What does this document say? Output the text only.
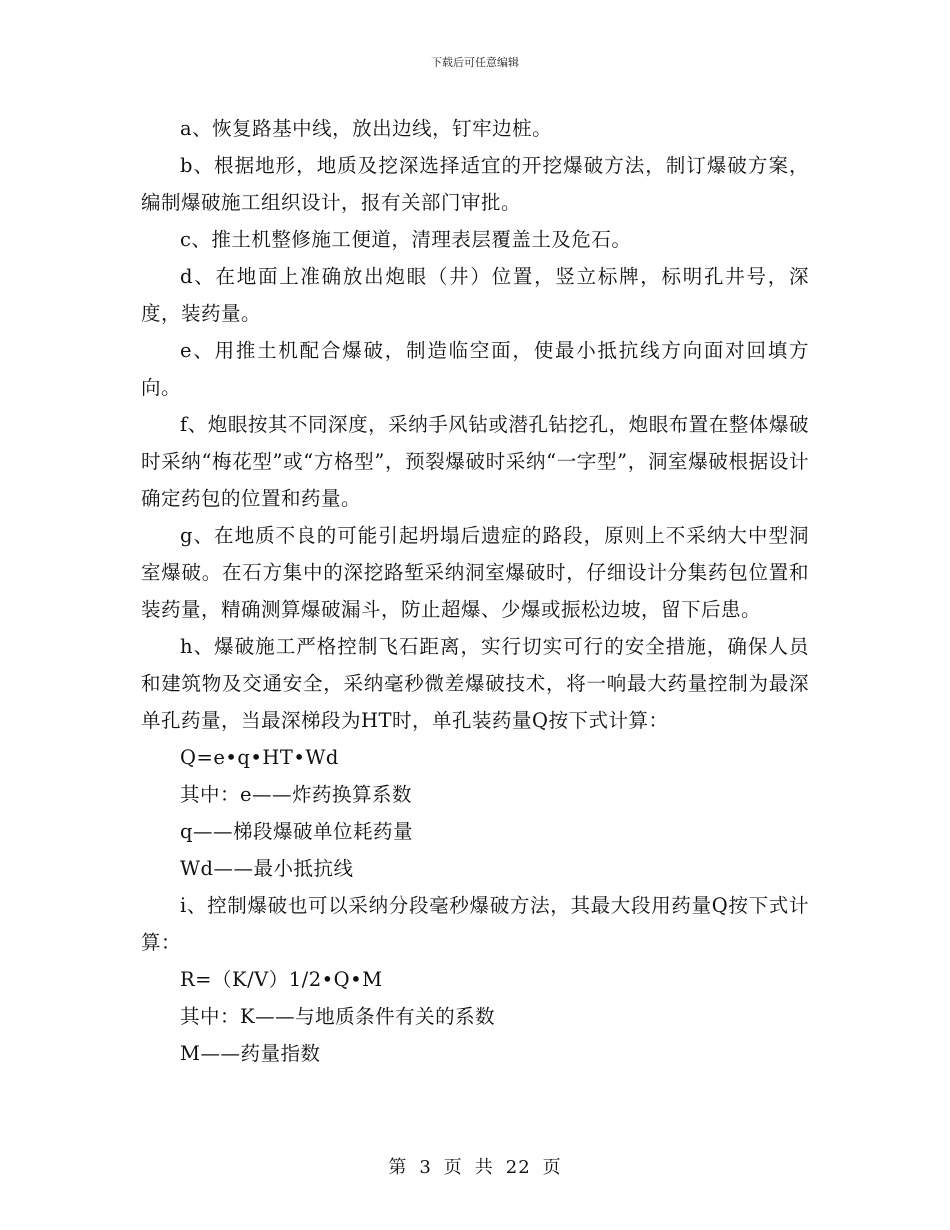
下载后可任意编辑

a、恢复路基中线，放出边线，钉牢边桩。

b、根据地形，地质及挖深选择适宜的开挖爆破方法，制订爆破方案，编制爆破施工组织设计，报有关部门审批。

c、推土机整修施工便道，清理表层覆盖土及危石。

d、在地面上准确放出炮眼（井）位置，竖立标牌，标明孔井号，深度，装药量。

e、用推土机配合爆破，制造临空面，使最小抵抗线方向面对回填方向。

f、炮眼按其不同深度，采纳手风钻或潜孔钻挖孔，炮眼布置在整体爆破时采纳“梅花型”或“方格型”，预裂爆破时采纳“一字型”，洞室爆破根据设计确定药包的位置和药量。

g、在地质不良的可能引起坍塌后遗症的路段，原则上不采纳大中型洞室爆破。在石方集中的深挖路堑采纳洞室爆破时，仔细设计分集药包位置和装药量，精确测算爆破漏斗，防止超爆、少爆或振松边坡，留下后患。

h、爆破施工严格控制飞石距离，实行切实可行的安全措施，确保人员和建筑物及交通安全，采纳毫秒微差爆破技术，将一响最大药量控制为最深单孔药量，当最深梯段为HT时，单孔装药量Q按下式计算：

Q=e•q•HT•Wd

其中：e——炸药换算系数

q——梯段爆破单位耗药量

Wd——最小抵抗线

i、控制爆破也可以采纳分段毫秒爆破方法，其最大段用药量Q按下式计算：

R=（K/V）1/2•Q•M

其中：K——与地质条件有关的系数

M——药量指数

第 3 页 共 22 页
